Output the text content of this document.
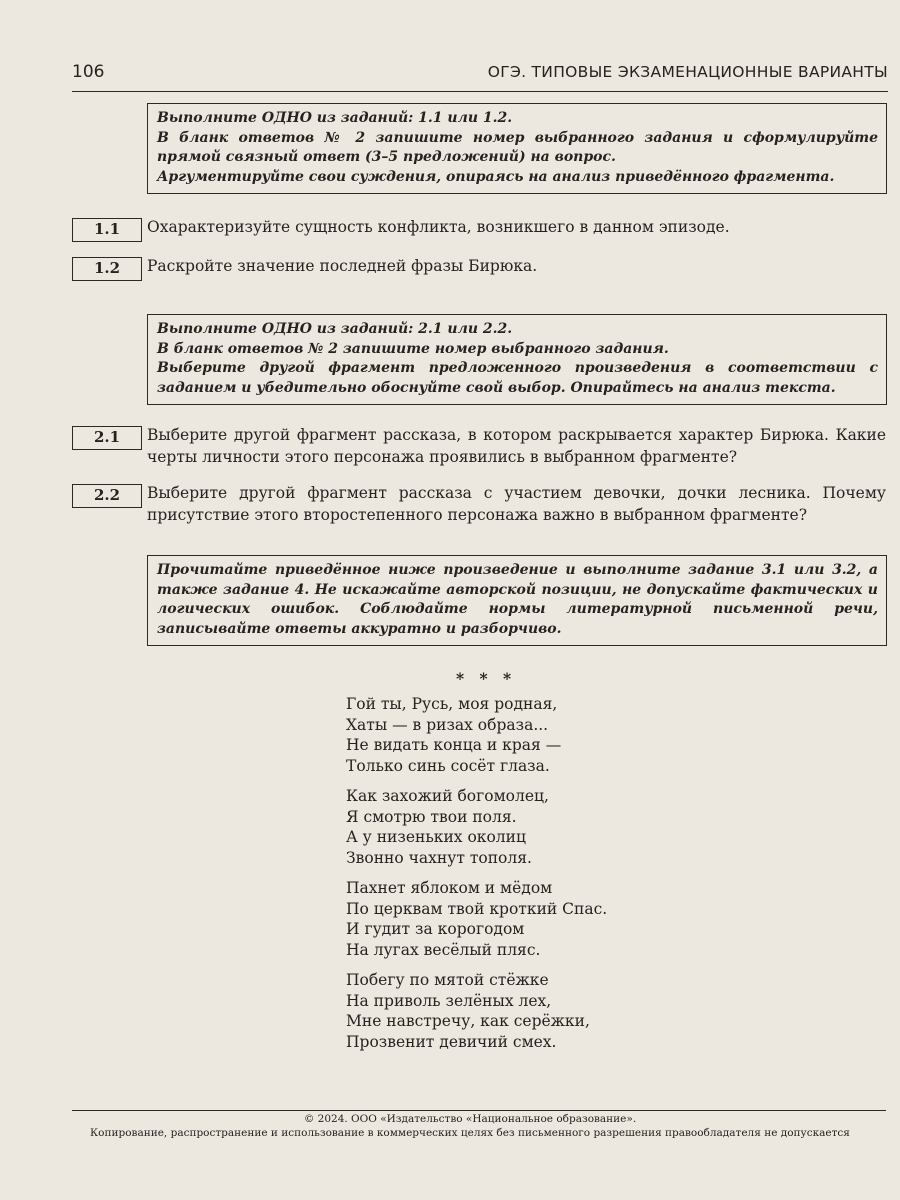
106	ОГЭ. ТИПОВЫЕ ЭКЗАМЕНАЦИОННЫЕ ВАРИАНТЫ

Выполните ОДНО из заданий: 1.1 или 1.2.

В бланк ответов № 2 запишите номер выбранного задания и сформулируйте прямой связный ответ (3–5 предложений) на вопрос.

Аргументируйте свои суждения, опираясь на анализ приведённого фрагмента.

1.1	Охарактеризуйте сущность конфликта, возникшего в данном эпизоде.
1.2	Раскройте значение последней фразы Бирюка.

Выполните ОДНО из заданий: 2.1 или 2.2.

В бланк ответов № 2 запишите номер выбранного задания.

Выберите другой фрагмент предложенного произведения в соответствии с заданием и убедительно обоснуйте свой выбор. Опирайтесь на анализ текста.

2.1	Выберите другой фрагмент рассказа, в котором раскрывается характер Бирюка. Какие черты личности этого персонажа проявились в выбранном фрагменте?
2.2	Выберите другой фрагмент рассказа с участием девочки, дочки лесника. Почему присутствие этого второстепенного персонажа важно в выбранном фрагменте?

Прочитайте приведённое ниже произведение и выполните задание 3.1 или 3.2, а также задание 4. Не искажайте авторской позиции, не допускайте фактических и логических ошибок. Соблюдайте нормы литературной письменной речи, записывайте ответы аккуратно и разборчиво.

* * *
Гой ты, Русь, моя родная,
Хаты — в ризах образа...
Не видать конца и края —
Только синь сосёт глаза.
Как захожий богомолец,
Я смотрю твои поля.
А у низеньких околиц
Звонно чахнут тополя.
Пахнет яблоком и мёдом
По церквам твой кроткий Спас.
И гудит за корогодом
На лугах весёлый пляс.
Побегу по мятой стёжке
На приволь зелёных лех,
Мне навстречу, как серёжки,
Прозвенит девичий смех.
© 2024. ООО «Издательство «Национальное образование».
Копирование, распространение и использование в коммерческих целях без письменного разрешения правообладателя не допускается
